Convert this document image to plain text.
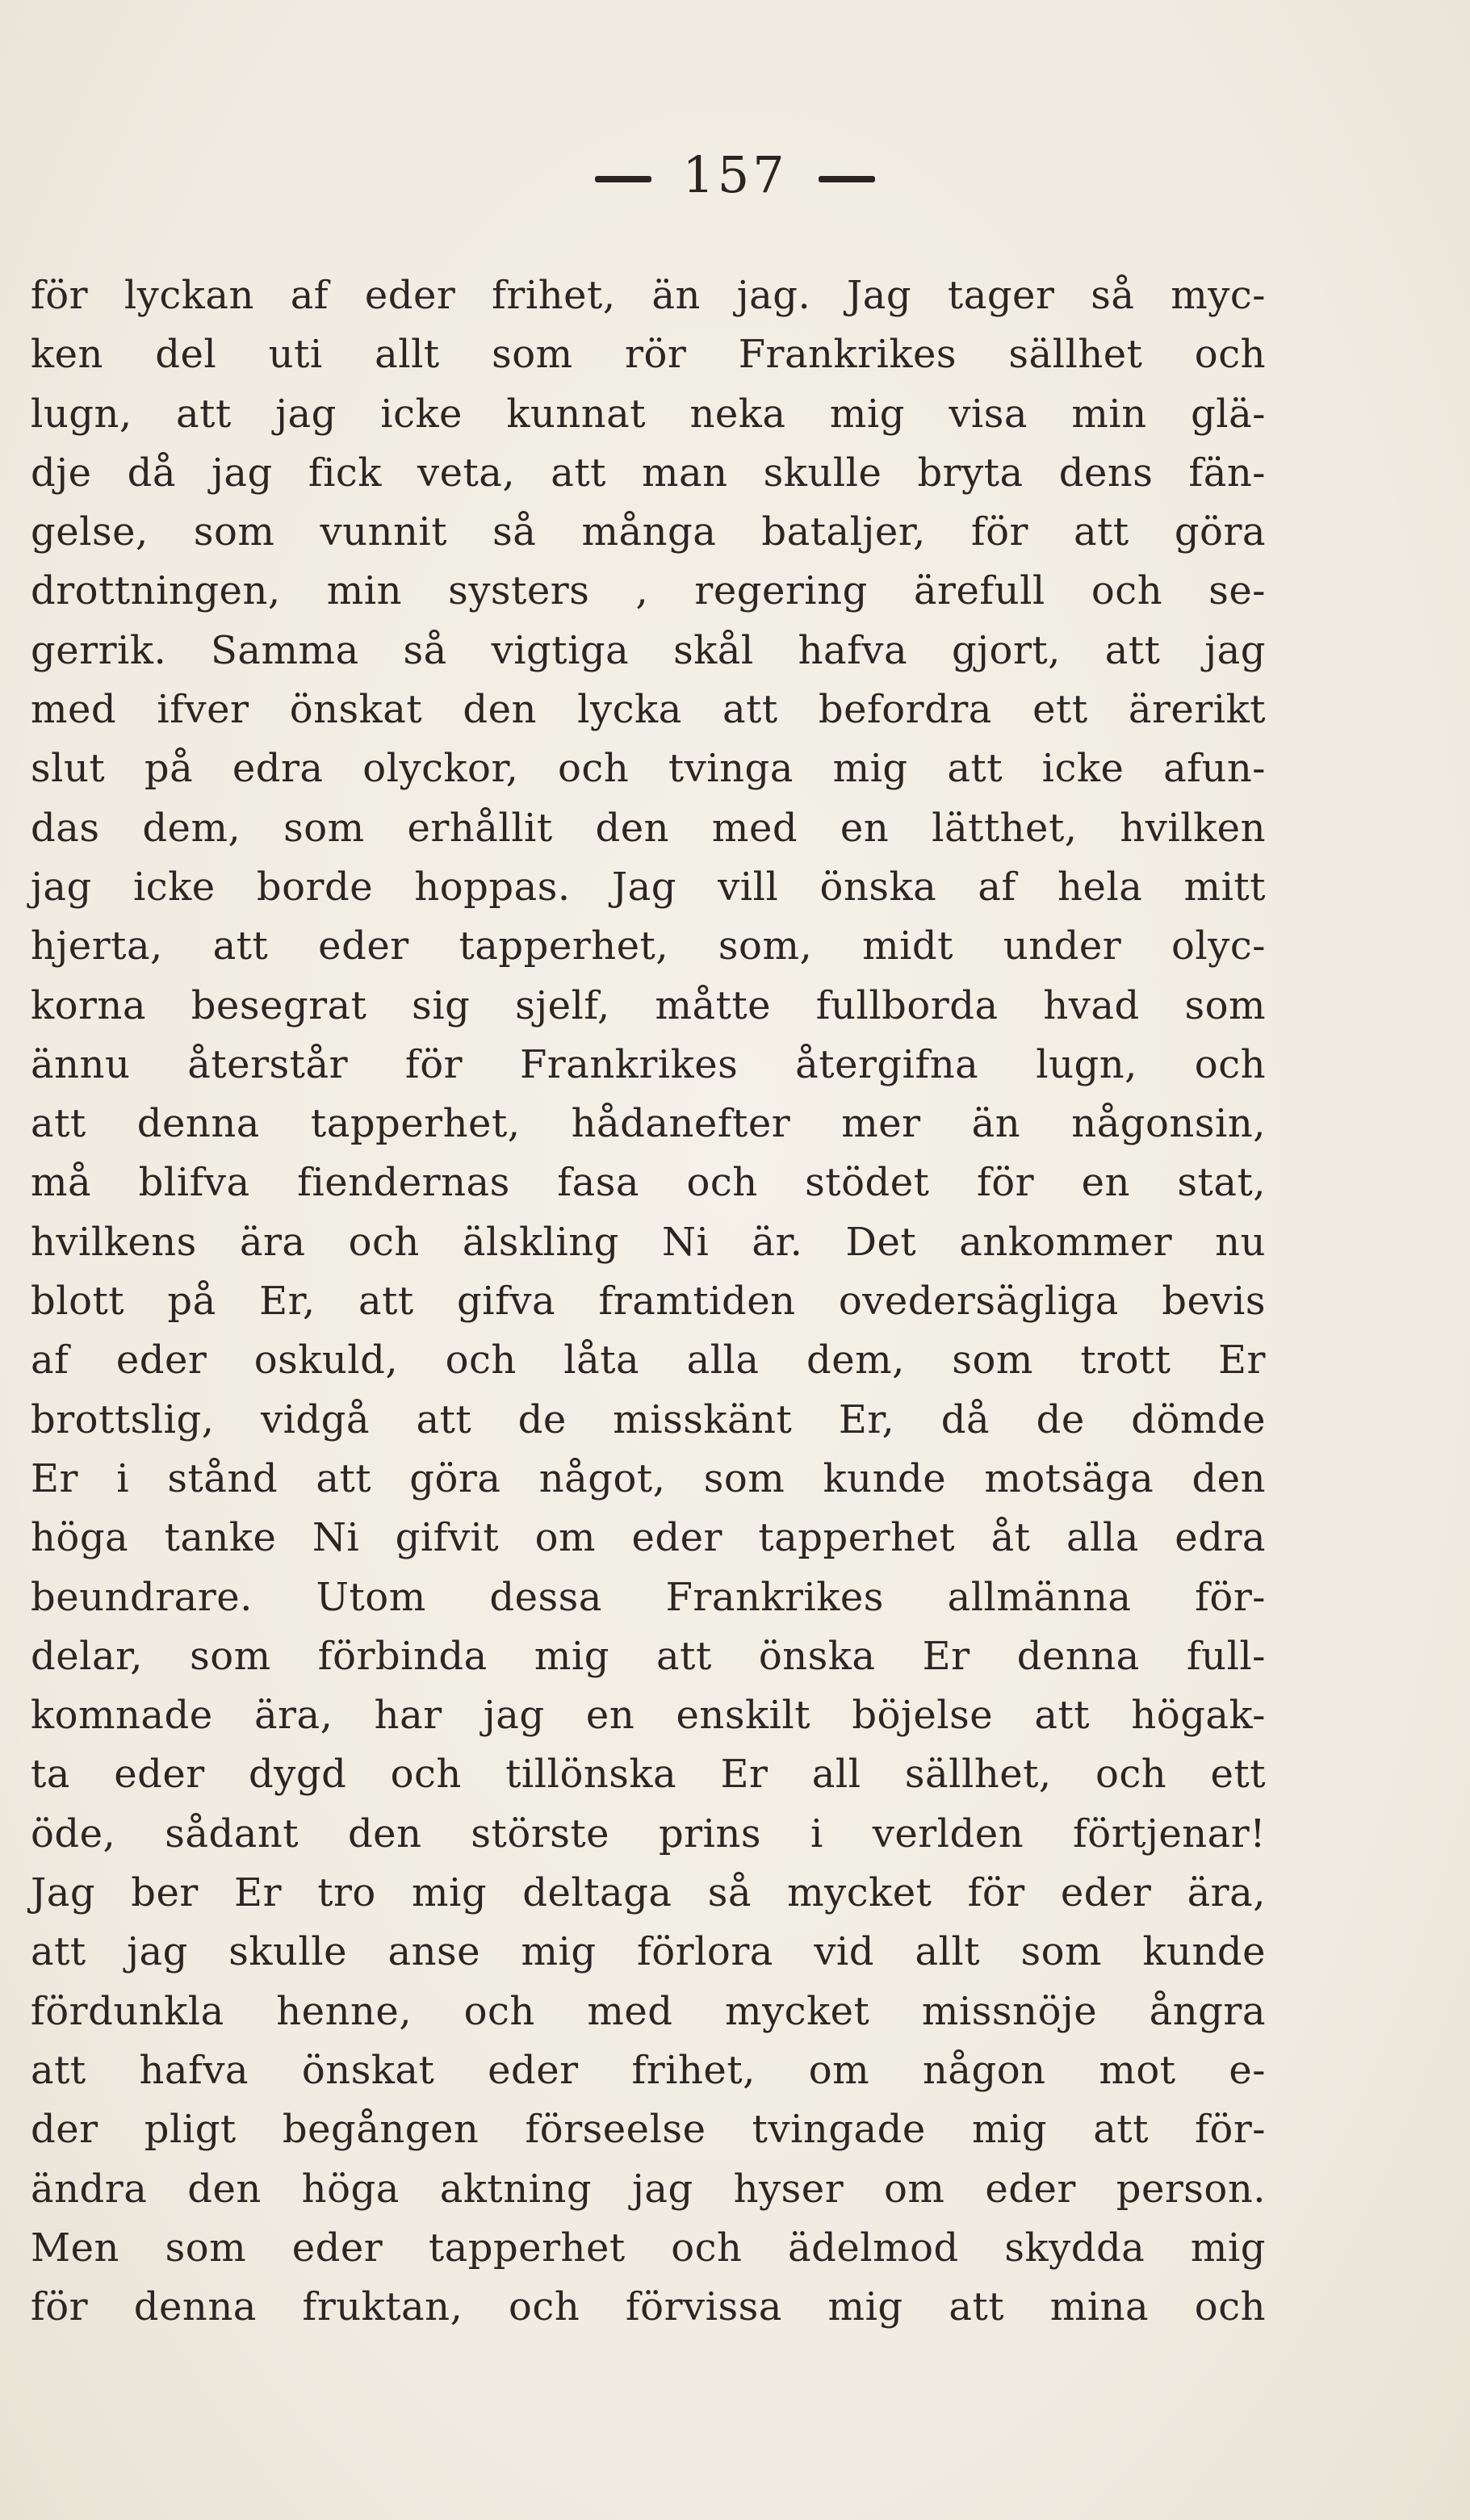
157
för lyckan af eder frihet, än jag. Jag tager så myc-
ken del uti allt som rör Frankrikes sällhet och
lugn, att jag icke kunnat neka mig visa min glä-
dje då jag fick veta, att man skulle bryta dens fän-
gelse, som vunnit så många bataljer, för att göra
drottningen, min systers , regering ärefull och se-
gerrik. Samma så vigtiga skål hafva gjort, att jag
med ifver önskat den lycka att befordra ett ärerikt
slut på edra olyckor, och tvinga mig att icke afun-
das dem, som erhållit den med en lätthet, hvilken
jag icke borde hoppas. Jag vill önska af hela mitt
hjerta, att eder tapperhet, som, midt under olyc-
korna besegrat sig sjelf, måtte fullborda hvad som
ännu återstår för Frankrikes återgifna lugn, och
att denna tapperhet, hådanefter mer än någonsin,
må blifva fiendernas fasa och stödet för en stat,
hvilkens ära och älskling Ni är. Det ankommer nu
blott på Er, att gifva framtiden ovedersägliga bevis
af eder oskuld, och låta alla dem, som trott Er
brottslig, vidgå att de misskänt Er, då de dömde
Er i stånd att göra något, som kunde motsäga den
höga tanke Ni gifvit om eder tapperhet åt alla edra
beundrare. Utom dessa Frankrikes allmänna för-
delar, som förbinda mig att önska Er denna full-
komnade ära, har jag en enskilt böjelse att högak-
ta eder dygd och tillönska Er all sällhet, och ett
öde, sådant den störste prins i verlden förtjenar!
Jag ber Er tro mig deltaga så mycket för eder ära,
att jag skulle anse mig förlora vid allt som kunde
fördunkla henne, och med mycket missnöje ångra
att hafva önskat eder frihet, om någon mot e-
der pligt begången förseelse tvingade mig att för-
ändra den höga aktning jag hyser om eder person.
Men som eder tapperhet och ädelmod skydda mig
för denna fruktan, och förvissa mig att mina och
